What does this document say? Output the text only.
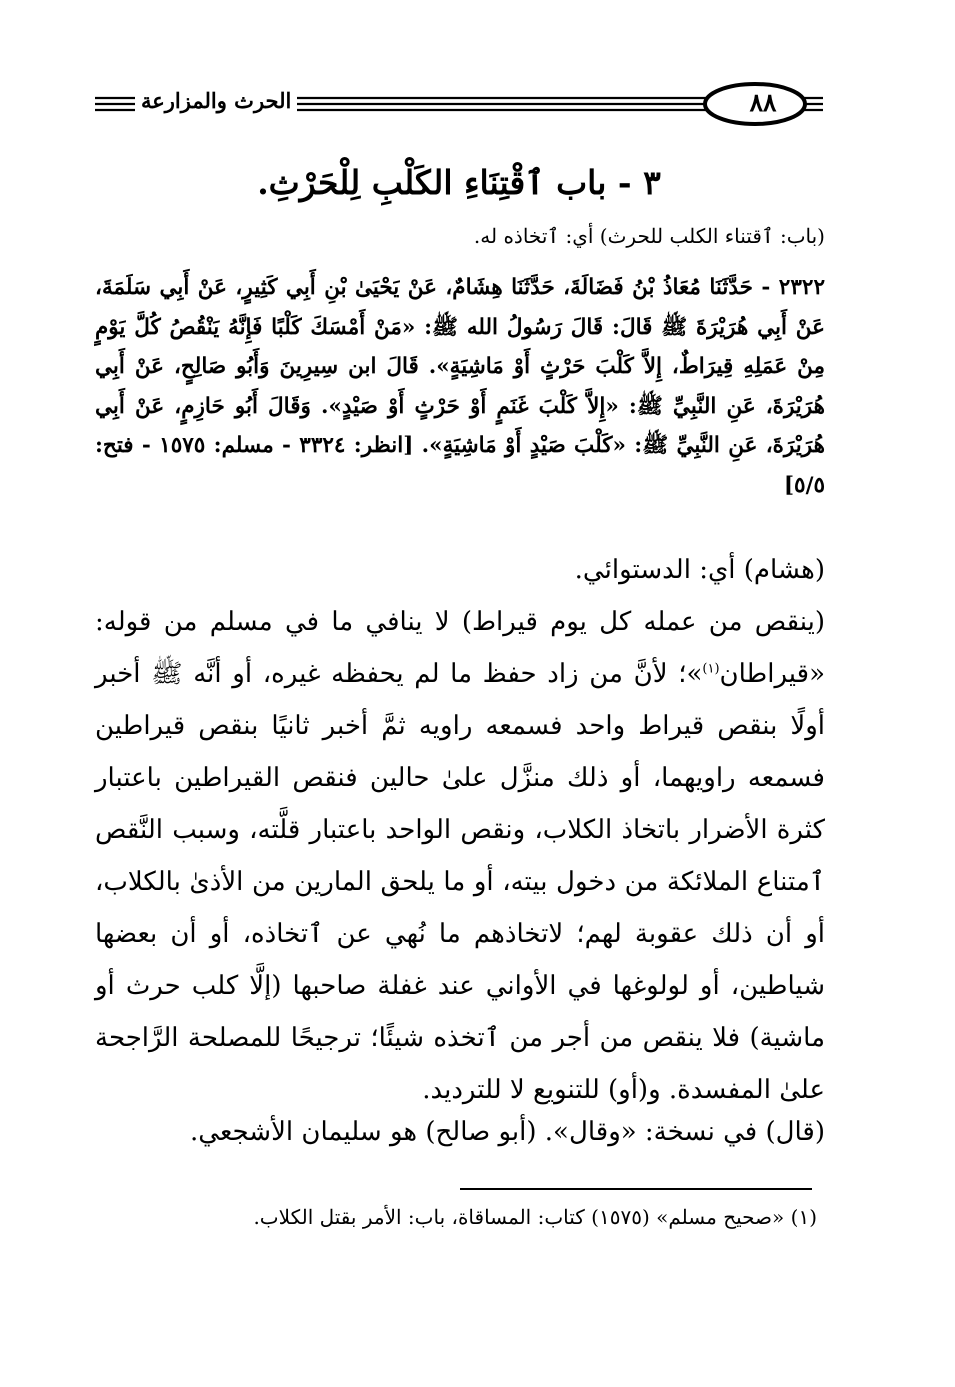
الحرث والمزارعة	٨٨
٣ - باب ٱقْتِنَاءِ الكَلْبِ لِلْحَرْثِ.

(باب: ٱقتناء الكلب للحرث) أي: ٱتخاذه له.

٢٣٢٢ - حَدَّثَنَا مُعَاذُ بْنُ فَضَالَةَ، حَدَّثَنَا هِشَامٌ، عَنْ يَحْيَىٰ بْنِ أَبِي كَثِيرٍ، عَنْ أَبِي سَلَمَةَ، عَنْ أَبِي هُرَيْرَةَ ﷺ قَالَ: قَالَ رَسُولُ الله ﷺ: «مَنْ أَمْسَكَ كَلْبًا فَإِنَّهُ يَنْقُصُ كُلَّ يَوْمٍ مِنْ عَمَلِهِ قِيرَاطٌ، إِلاَّ كَلْبَ حَرْثٍ أَوْ مَاشِيَةٍ». قَالَ ابن سِيرِينَ وَأَبُو صَالِحٍ، عَنْ أَبِي هُرَيْرَةَ، عَنِ النَّبِيِّ ﷺ: «إِلاَّ كَلْبَ غَنَمٍ أَوْ حَرْثٍ أَوْ صَيْدٍ». وَقَالَ أَبُو حَازِمٍ، عَنْ أَبِي هُرَيْرَةَ، عَنِ النَّبِيِّ ﷺ: «كَلْبَ صَيْدٍ أَوْ مَاشِيَةٍ». [انظر: ٣٣٢٤ - مسلم: ١٥٧٥ - فتح: ٥/٥]

(هشام) أي: الدستوائي.

(ينقص من عمله كل يوم قيراط) لا ينافي ما في مسلم من قوله: «قيراطان$^{(١)}$»؛ لأنَّ من زاد حفظ ما لم يحفظه غيره، أو أنَّه ﷺ أخبر أولًا بنقص قيراط واحد فسمعه راويه ثمَّ أخبر ثانيًا بنقص قيراطين فسمعه راويهما، أو ذلك منزَّل علىٰ حالين فنقص القيراطين باعتبار كثرة الأضرار باتخاذ الكلاب، ونقص الواحد باعتبار قلَّته، وسبب النَّقص ٱمتناع الملائكة من دخول بيته، أو ما يلحق المارين من الأذىٰ بالكلاب، أو أن ذلك عقوبة لهم؛ لاتخاذهم ما نُهي عن ٱتخاذه، أو أن بعضها شياطين، أو لولوغها في الأواني عند غفلة صاحبها (إلَّا كلب حرث أو ماشية) فلا ينقص من أجر من ٱتخذه شيئًا؛ ترجيحًا للمصلحة الرَّاجحة علىٰ المفسدة. و(أو) للتنويع لا للترديد.

(قال) في نسخة: «وقال». (أبو صالح) هو سليمان الأشجعي.

(١) «صحيح مسلم» (١٥٧٥) كتاب: المساقاة، باب: الأمر بقتل الكلاب.
